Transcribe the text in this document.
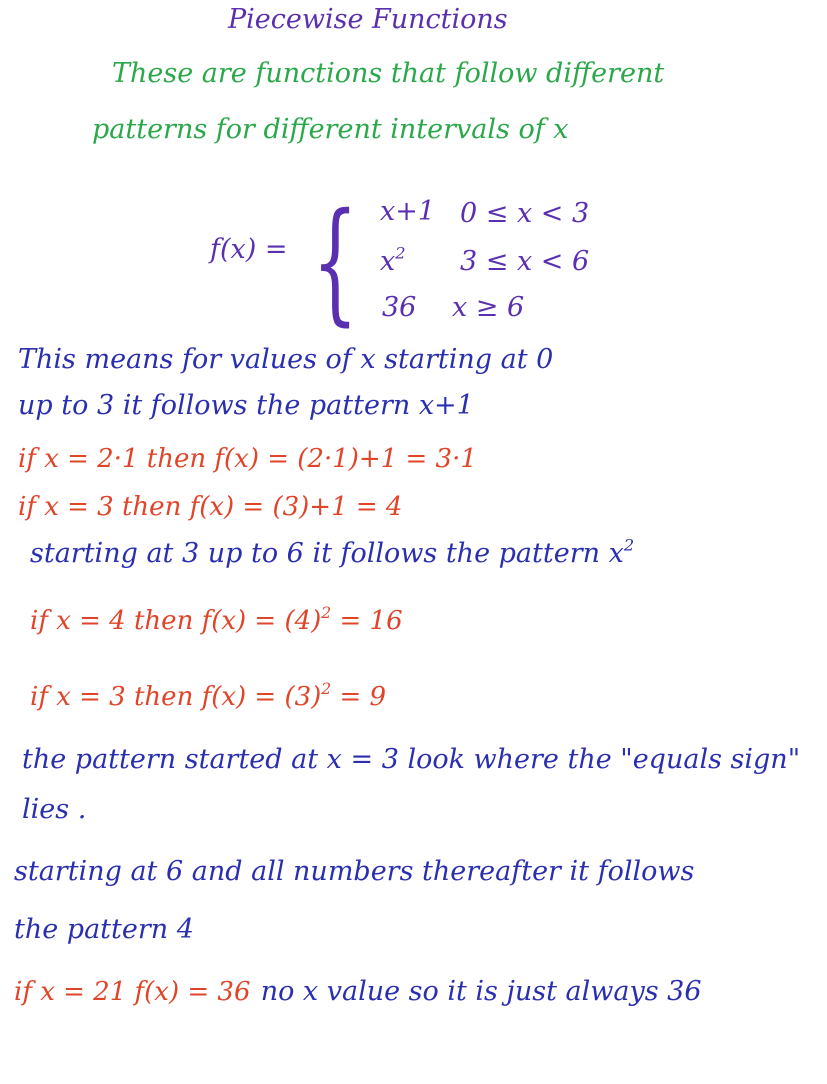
Piecewise Functions
These are functions that follow different
patterns for different intervals of x
f(x) = { x+1 0 ≤ x < 3
$x^2$ 3 ≤ x < 6
36 x ≥ 6
This means for values of x starting at 0
up to 3 it follows the pattern x+1
if x = 2·1 then f(x) = (2·1)+1 = 3·1
if x = 3 then f(x) = (3)+1 = 4
starting at 3 up to 6 it follows the pattern $x^2$
if x = 4 then $f(x) = (4)^2 = 16$
if x = 3 then $f(x) = (3)^2 = 9$
the pattern started at x = 3 look where the "equals sign"
lies .
starting at 6 and all numbers thereafter it follows
the pattern 4
if x = 21 f(x) = 36 no x value so it is just always 36
